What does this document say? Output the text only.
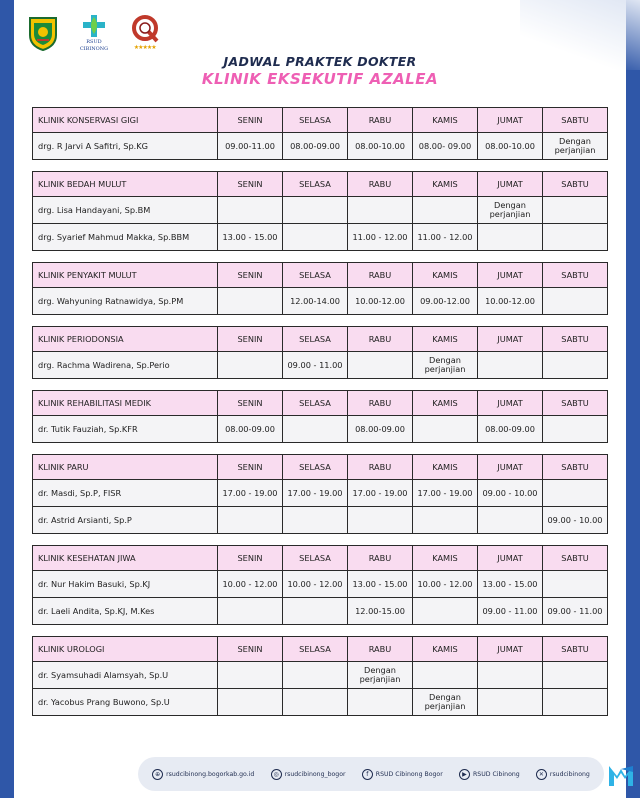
RSUD
CIBINONG	★★★★★
JADWAL PRAKTEK DOKTER
KLINIK EKSEKUTIF AZALEA
KLINIK KONSERVASI GIGI	SENIN	SELASA	RABU	KAMIS	JUMAT	SABTU
drg. R Jarvi A Safitri, Sp.KG	09.00-11.00	08.00-09.00	08.00-10.00	08.00- 09.00	08.00-10.00	Dengan perjanjian
KLINIK BEDAH MULUT	SENIN	SELASA	RABU	KAMIS	JUMAT	SABTU
drg. Lisa Handayani, Sp.BM					Dengan perjanjian	
drg. Syarief Mahmud Makka, Sp.BBM	13.00 - 15.00		11.00 - 12.00	11.00 - 12.00		
KLINIK PENYAKIT MULUT	SENIN	SELASA	RABU	KAMIS	JUMAT	SABTU
drg. Wahyuning Ratnawidya, Sp.PM		12.00-14.00	10.00-12.00	09.00-12.00	10.00-12.00	
KLINIK PERIODONSIA	SENIN	SELASA	RABU	KAMIS	JUMAT	SABTU
drg. Rachma Wadirena, Sp.Perio		09.00 - 11.00		Dengan perjanjian		
KLINIK REHABILITASI MEDIK	SENIN	SELASA	RABU	KAMIS	JUMAT	SABTU
dr. Tutik Fauziah, Sp.KFR	08.00-09.00		08.00-09.00		08.00-09.00	
KLINIK PARU	SENIN	SELASA	RABU	KAMIS	JUMAT	SABTU
dr. Masdi, Sp.P, FISR	17.00 - 19.00	17.00 - 19.00	17.00 - 19.00	17.00 - 19.00	09.00 - 10.00	
dr. Astrid Arsianti, Sp.P						09.00 - 10.00
KLINIK KESEHATAN JIWA	SENIN	SELASA	RABU	KAMIS	JUMAT	SABTU
dr. Nur Hakim Basuki, Sp.KJ	10.00 - 12.00	10.00 - 12.00	13.00 - 15.00	10.00 - 12.00	13.00 - 15.00	
dr. Laeli Andita, Sp.KJ, M.Kes			12.00-15.00		09.00 - 11.00	09.00 - 11.00
KLINIK UROLOGI	SENIN	SELASA	RABU	KAMIS	JUMAT	SABTU
dr. Syamsuhadi Alamsyah, Sp.U			Dengan perjanjian			
dr. Yacobus Prang Buwono, Sp.U				Dengan perjanjian		
⊕ rsudcibinong.bogorkab.go.id	◎ rsudcibinong_bogor	f	RSUD Cibinong Bogor	▶ RSUD Cibinong	✕ rsudcibinong
